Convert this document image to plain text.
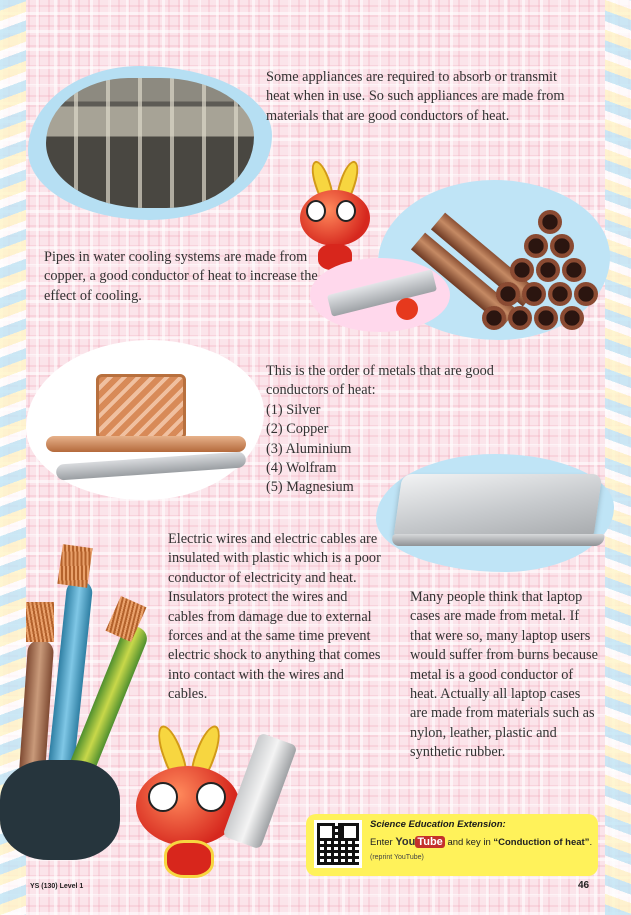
Some appliances are required to absorb or transmit heat when in use. So such appliances are made from materials that are good conductors of heat.

Pipes in water cooling systems are made from copper, a good conductor of heat to increase the effect of cooling.

This is the order of metals that are good conductors of heat:

(1) Silver

(2) Copper

(3) Aluminium

(4) Wolfram

(5) Magnesium

Electric wires and electric cables are insulated with plastic which is a poor conductor of electricity and heat. Insulators protect the wires and cables from damage due to external forces and at the same time prevent electric shock to anything that comes into contact with the wires and cables.

Many people think that laptop cases are made from metal. If that were so, many laptop users would suffer from burns because metal is a good conductor of heat. Actually all laptop cases are made from materials such as nylon, leather, plastic and synthetic rubber.

Science Education Extension:
Enter You Tube and key in “Conduction of heat”.
(reprint YouTube)
YS (130) Level 1	46
